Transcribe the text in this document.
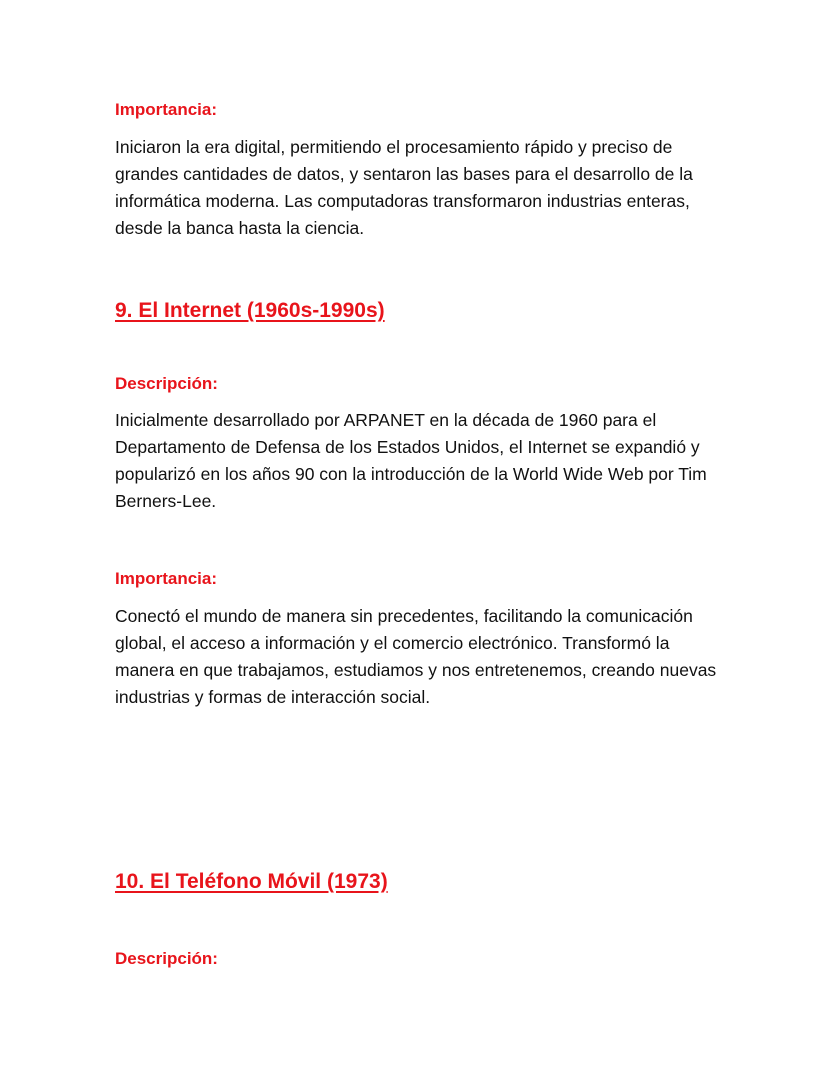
Importancia:

Iniciaron la era digital, permitiendo el procesamiento rápido y preciso de grandes cantidades de datos, y sentaron las bases para el desarrollo de la informática moderna. Las computadoras transformaron industrias enteras, desde la banca hasta la ciencia.

9. El Internet (1960s-1990s)

Descripción:

Inicialmente desarrollado por ARPANET en la década de 1960 para el Departamento de Defensa de los Estados Unidos, el Internet se expandió y popularizó en los años 90 con la introducción de la World Wide Web por Tim Berners-Lee.

Importancia:

Conectó el mundo de manera sin precedentes, facilitando la comunicación global, el acceso a información y el comercio electrónico. Transformó la manera en que trabajamos, estudiamos y nos entretenemos, creando nuevas industrias y formas de interacción social.

10. El Teléfono Móvil (1973)

Descripción:
